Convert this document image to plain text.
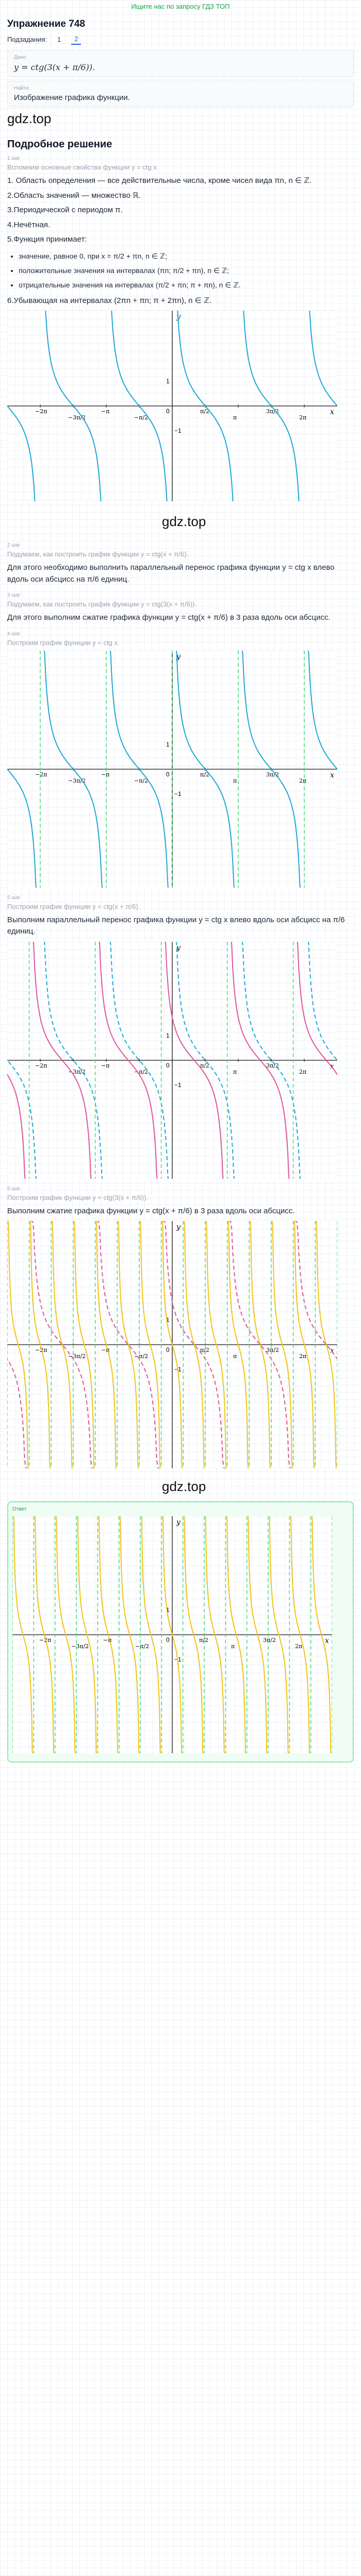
Ищите нас по запросу ГДЗ ТОП
Упражнение 748
Подзадания:	1	2
Дано
y = ctg(3(x + π/6)).
Найти
Изображение графика функции.
gdz.top
Подробное решение
1 шаг
Вспомним основные свойства функции y = ctg x.

1. Область определения — все действительные числа, кроме чисел вида πn, n ∈ ℤ.

2.Область значений — множество ℝ.

3.Периодической с периодом π.

4.Нечётная.

5.Функция принимает:

• значение, равное 0, при x = π/2 + πn, n ∈ ℤ;
• положительные значения на интервалах (πn; π/2 + πn), n ∈ ℤ;
• отрицательные значения на интервалах (π/2 + πn; π + πn), n ∈ ℤ.

6.Убывающая на интервалах (2πn + πn; π + 2πn), n ∈ ℤ.

y
x
0
1
−1
−2π
−3π/2
−π
−π/2
π/2
π
3π/2
2π
gdz.top
2 шаг
Подумаем, как построить график функции y = ctg(x + π/6).

Для этого необходимо выполнить параллельный перенос графика функции y = ctg x влево вдоль оси абсцисс на π/6 единиц.

3 шаг
Подумаем, как построить график функции y = ctg(3(x + π/6)).

Для этого выполним сжатие графика функции y = ctg(x + π/6) в 3 раза вдоль оси абсцисс.

4 шаг
Построим график функции y = ctg x.
y
x
0
1
−1
−2π
−3π/2
−π
−π/2
π/2
π
3π/2
2π
5 шаг
Построим график функции y = ctg(x + π/6).

Выполним параллельный перенос графика функции y = ctg x влево вдоль оси абсцисс на π/6 единиц.

y
x
0
1
−1
−2π
−3π/2
−π
−π/2
π/2
π
3π/2
2π
6 шаг
Построим график функции y = ctg(3(x + π/6)).

Выполним сжатие графика функции y = ctg(x + π/6) в 3 раза вдоль оси абсцисс.

y
x
0
1
−1
−2π
−3π/2
−π
−π/2
π/2
π
3π/2
2π
gdz.top
Ответ
y
x
0
1
−1
−2π
−3π/2
−π
−π/2
π/2
π
3π/2
2π
